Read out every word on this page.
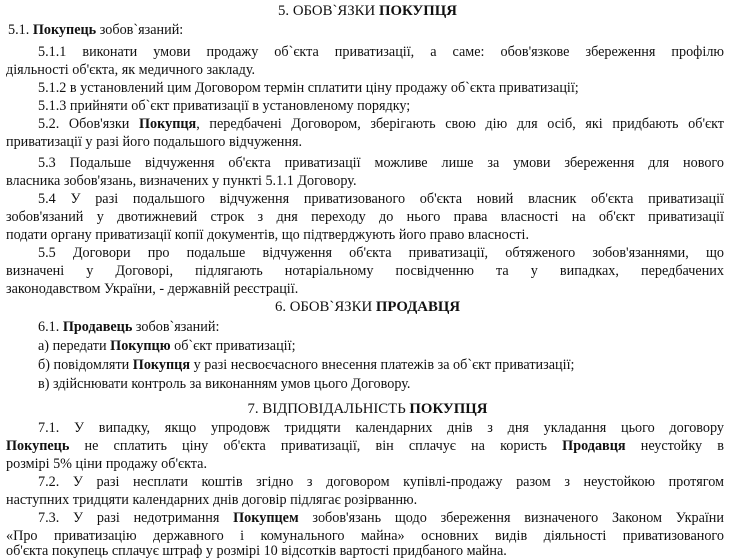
5. ОБОВ`ЯЗКИ ПОКУПЦЯ
5.1. Покупець зобов`язаний:
5.1.1 виконати умови продажу об`єкта приватизації, а саме: обов'язкове збереження профілю
діяльності об'єкта, як медичного закладу.
5.1.2 в установлений цим Договором термін сплатити ціну продажу об`єкта приватизації;
5.1.3 прийняти об`єкт приватизації в установленому порядку;
5.2. Обов'язки Покупця, передбачені Договором, зберігають свою дію для осіб, які придбають об'єкт
приватизації у разі його подальшого відчуження.
5.3 Подальше відчуження об'єкта приватизації можливе лише за умови збереження для нового
власника зобов'язань, визначених у пункті 5.1.1 Договору.
5.4 У разі подальшого відчуження приватизованого об'єкта новий власник об'єкта приватизації
зобов'язаний у двотижневий строк з дня переходу до нього права власності на об'єкт приватизації
подати органу приватизації копії документів, що підтверджують його право власності.
5.5 Договори про подальше відчуження об'єкта приватизації, обтяженого зобов'язаннями, що
визначені у Договорі, підлягають нотаріальному посвідченню та у випадках, передбачених
законодавством України, - державній реєстрації.
6. ОБОВ`ЯЗКИ ПРОДАВЦЯ
6.1. Продавець зобов`язаний:
а) передати Покупцю об`єкт приватизації;
б) повідомляти Покупця у разі несвоєчасного внесення платежів за об`єкт приватизації;
в) здійснювати контроль за виконанням умов цього Договору.
7. ВІДПОВІДАЛЬНІСТЬ ПОКУПЦЯ
7.1. У випадку, якщо упродовж тридцяти календарних днів з дня укладання цього договору
Покупець не сплатить ціну об'єкта приватизації, він сплачує на користь Продавця неустойку в
розмірі 5% ціни продажу об'єкта.
7.2. У разі несплати коштів згідно з договором купівлі-продажу разом з неустойкою протягом
наступних тридцяти календарних днів договір підлягає розірванню.
7.3. У разі недотримання Покупцем зобов'язань щодо збереження визначеного Законом України
«Про приватизацію державного і комунального майна» основних видів діяльності приватизованого
об'єкта покупець сплачує штраф у розмірі 10 відсотків вартості придбаного майна.
